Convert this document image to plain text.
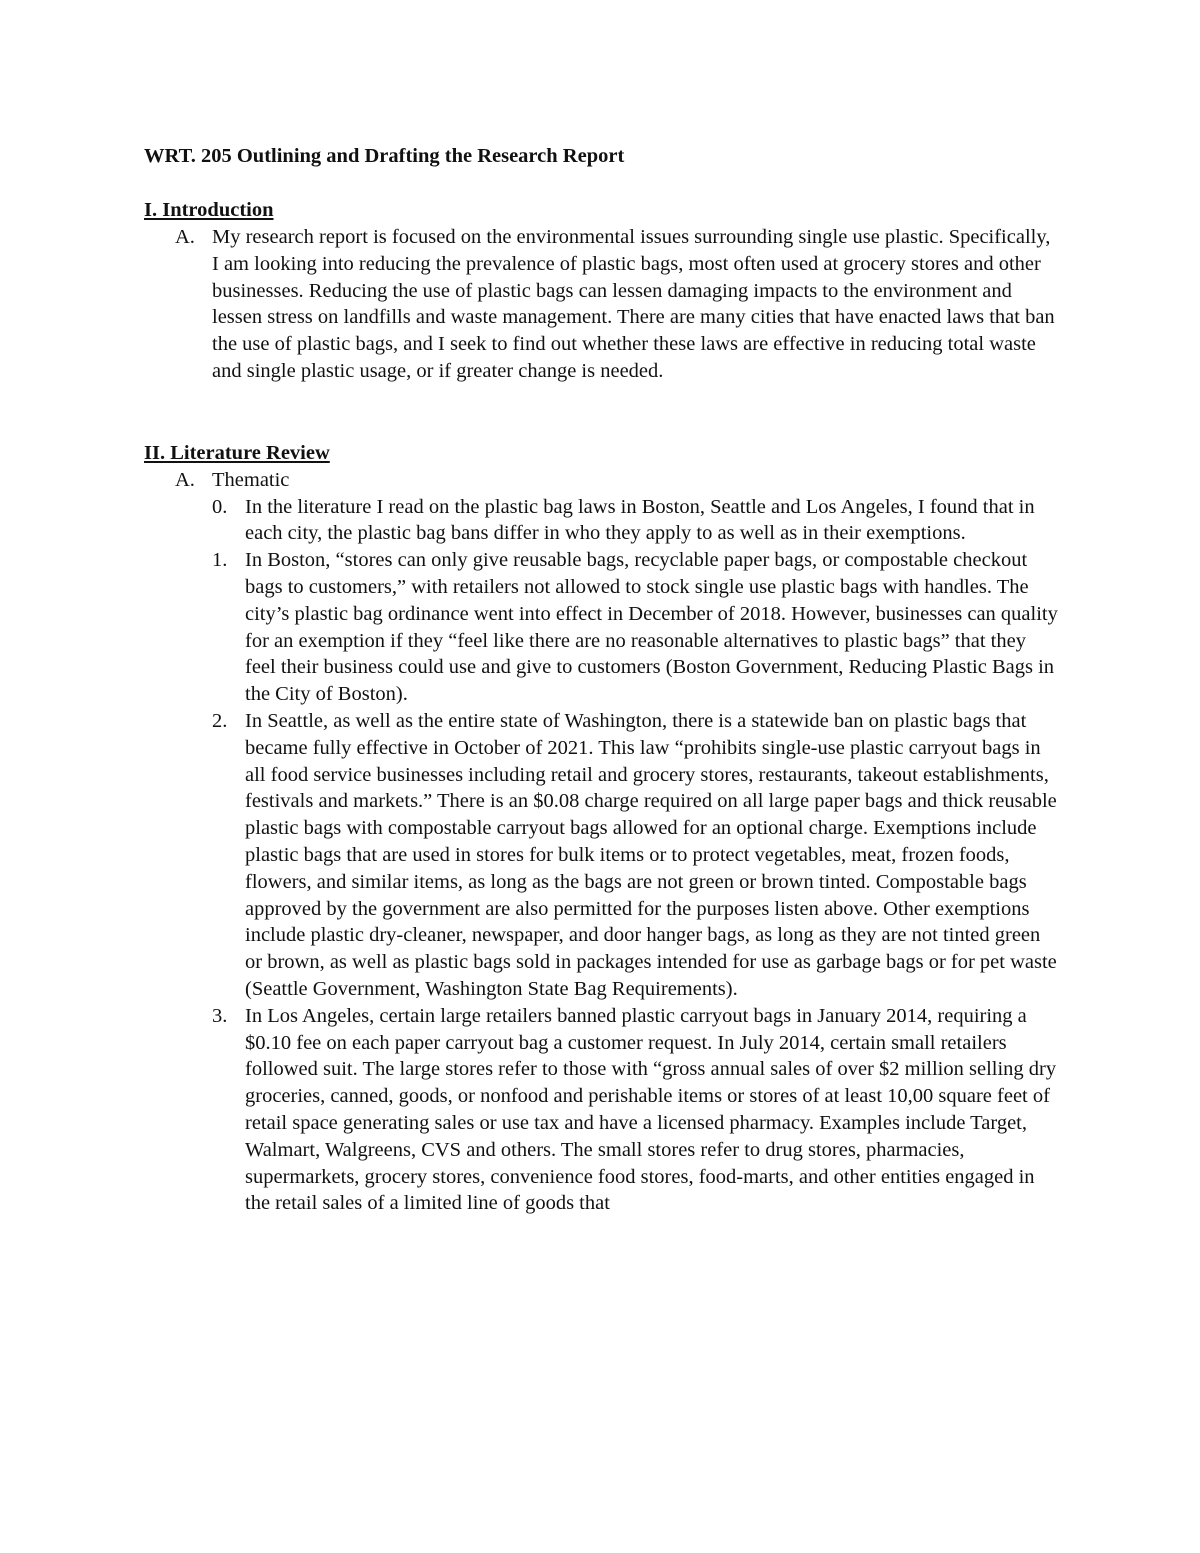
WRT. 205 Outlining and Drafting the Research Report
I. Introduction
A. My research report is focused on the environmental issues surrounding single use plastic. Specifically, I am looking into reducing the prevalence of plastic bags, most often used at grocery stores and other businesses. Reducing the use of plastic bags can lessen damaging impacts to the environment and lessen stress on landfills and waste management. There are many cities that have enacted laws that ban the use of plastic bags, and I seek to find out whether these laws are effective in reducing total waste and single plastic usage, or if greater change is needed.
II. Literature Review
A. Thematic
0. In the literature I read on the plastic bag laws in Boston, Seattle and Los Angeles, I found that in each city, the plastic bag bans differ in who they apply to as well as in their exemptions.
1. In Boston, “stores can only give reusable bags, recyclable paper bags, or compostable checkout bags to customers,” with retailers not allowed to stock single use plastic bags with handles. The city’s plastic bag ordinance went into effect in December of 2018. However, businesses can quality for an exemption if they “feel like there are no reasonable alternatives to plastic bags” that they feel their business could use and give to customers (Boston Government, Reducing Plastic Bags in the City of Boston).
2. In Seattle, as well as the entire state of Washington, there is a statewide ban on plastic bags that became fully effective in October of 2021. This law “prohibits single-use plastic carryout bags in all food service businesses including retail and grocery stores, restaurants, takeout establishments, festivals and markets.” There is an $0.08 charge required on all large paper bags and thick reusable plastic bags with compostable carryout bags allowed for an optional charge. Exemptions include plastic bags that are used in stores for bulk items or to protect vegetables, meat, frozen foods, flowers, and similar items, as long as the bags are not green or brown tinted. Compostable bags approved by the government are also permitted for the purposes listen above. Other exemptions include plastic dry-cleaner, newspaper, and door hanger bags, as long as they are not tinted green or brown, as well as plastic bags sold in packages intended for use as garbage bags or for pet waste (Seattle Government, Washington State Bag Requirements).
3. In Los Angeles, certain large retailers banned plastic carryout bags in January 2014, requiring a $0.10 fee on each paper carryout bag a customer request. In July 2014, certain small retailers followed suit. The large stores refer to those with “gross annual sales of over $2 million selling dry groceries, canned, goods, or nonfood and perishable items or stores of at least 10,00 square feet of retail space generating sales or use tax and have a licensed pharmacy. Examples include Target, Walmart, Walgreens, CVS and others. The small stores refer to drug stores, pharmacies, supermarkets, grocery stores, convenience food stores, food-marts, and other entities engaged in the retail sales of a limited line of goods that
